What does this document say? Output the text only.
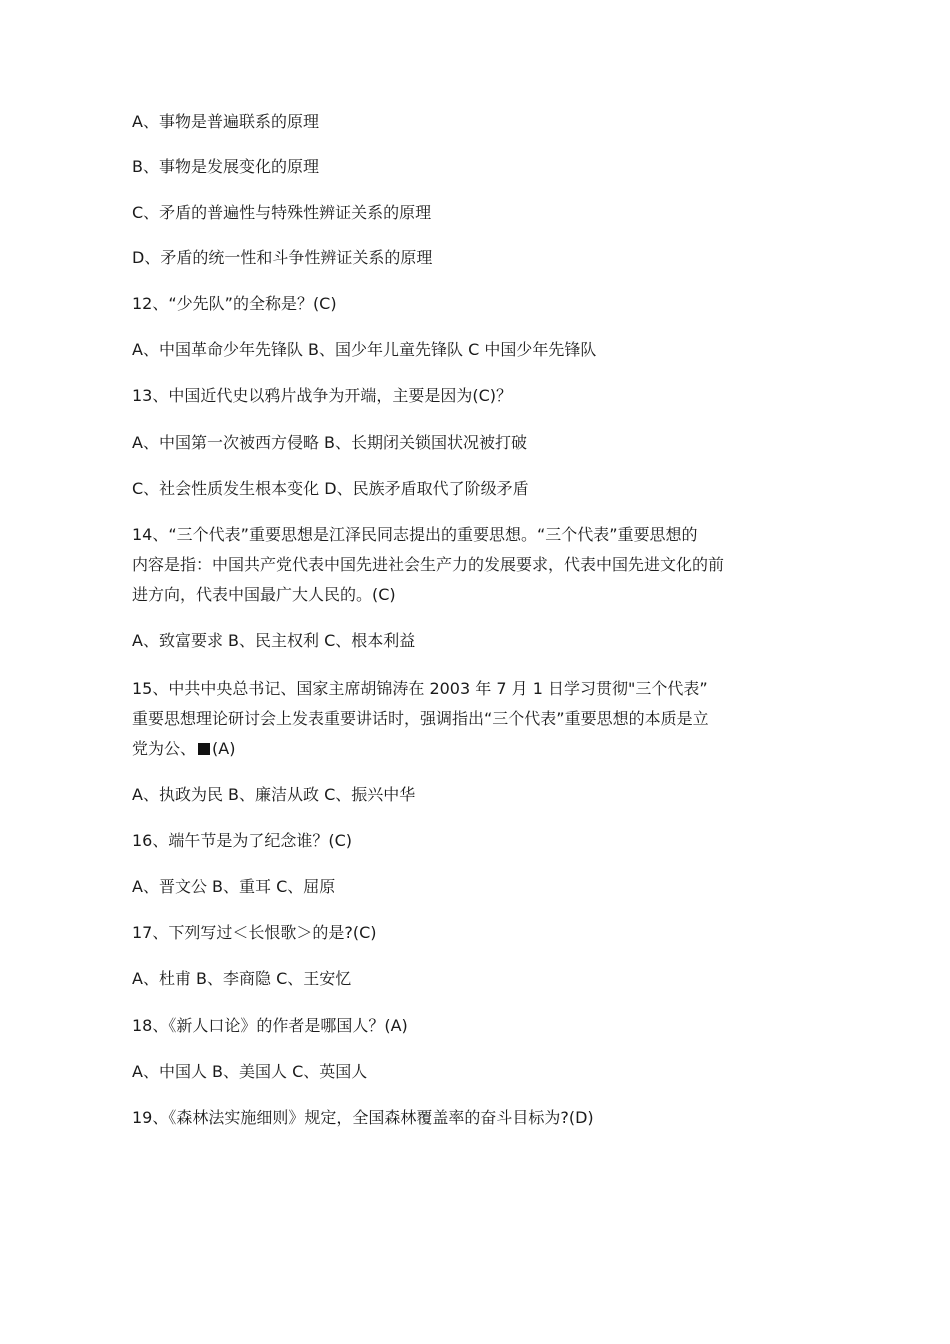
A、事物是普遍联系的原理
B、事物是发展变化的原理
C、矛盾的普遍性与特殊性辨证关系的原理
D、矛盾的统一性和斗争性辨证关系的原理
12、“少先队”的全称是？(C)
A、中国革命少年先锋队 B、国少年儿童先锋队 C 中国少年先锋队
13、中国近代史以鸦片战争为开端，主要是因为(C)？
A、中国第一次被西方侵略 B、长期闭关锁国状况被打破
C、社会性质发生根本变化 D、民族矛盾取代了阶级矛盾
14、“三个代表”重要思想是江泽民同志提出的重要思想。“三个代表”重要思想的
内容是指：中国共产党代表中国先进社会生产力的发展要求，代表中国先进文化的前
进方向，代表中国最广大人民的。(C)
A、致富要求 B、民主权利 C、根本利益
15、中共中央总书记、国家主席胡锦涛在 2003 年 7 月 1 日学习贯彻"三个代表”
重要思想理论研讨会上发表重要讲话时，强调指出“三个代表”重要思想的本质是立
党为公、 (A)
A、执政为民 B、廉洁从政 C、振兴中华
16、端午节是为了纪念谁？(C)
A、晋文公 B、重耳 C、屈原
17、下列写过＜长恨歌＞的是?(C)
A、杜甫 B、李商隐 C、王安忆
18、《新人口论》的作者是哪国人？(A)
A、中国人 B、美国人 C、英国人
19、《森林法实施细则》规定，全国森林覆盖率的奋斗目标为?(D)
